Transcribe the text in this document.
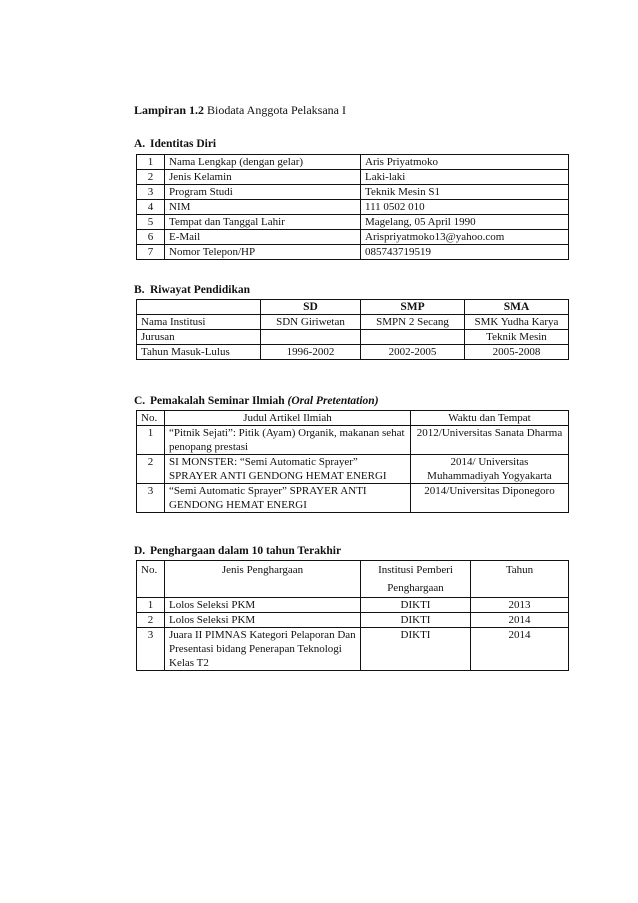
Lampiran 1.2 Biodata Anggota Pelaksana I
A. Identitas Diri
1	Nama Lengkap (dengan gelar)	Aris Priyatmoko
2	Jenis Kelamin	Laki-laki
3	Program Studi	Teknik Mesin S1
4	NIM	111 0502 010
5	Tempat dan Tanggal Lahir	Magelang, 05 April 1990
6	E-Mail	Arispriyatmoko13@yahoo.com
7	Nomor Telepon/HP	085743719519
B. Riwayat Pendidikan
	SD	SMP	SMA
Nama Institusi	SDN Giriwetan	SMPN 2 Secang	SMK Yudha Karya
Jurusan			Teknik Mesin
Tahun Masuk-Lulus	1996-2002	2002-2005	2005-2008
C. Pemakalah Seminar Ilmiah (Oral Pretentation)
No.	Judul Artikel Ilmiah	Waktu dan Tempat
1	“Pitnik Sejati”: Pitik (Ayam) Organik, makanan sehat penopang prestasi	2012/Universitas Sanata Dharma
2	SI MONSTER: “Semi Automatic Sprayer” SPRAYER ANTI GENDONG HEMAT ENERGI	2014/ Universitas Muhammadiyah Yogyakarta
3	“Semi Automatic Sprayer” SPRAYER ANTI GENDONG HEMAT ENERGI	2014/Universitas Diponegoro
D. Penghargaan dalam 10 tahun Terakhir
No.	Jenis Penghargaan	Institusi Pemberi Penghargaan	Tahun
1	Lolos Seleksi PKM	DIKTI	2013
2	Lolos Seleksi PKM	DIKTI	2014
3	Juara II PIMNAS Kategori Pelaporan Dan Presentasi bidang Penerapan Teknologi Kelas T2	DIKTI	2014
